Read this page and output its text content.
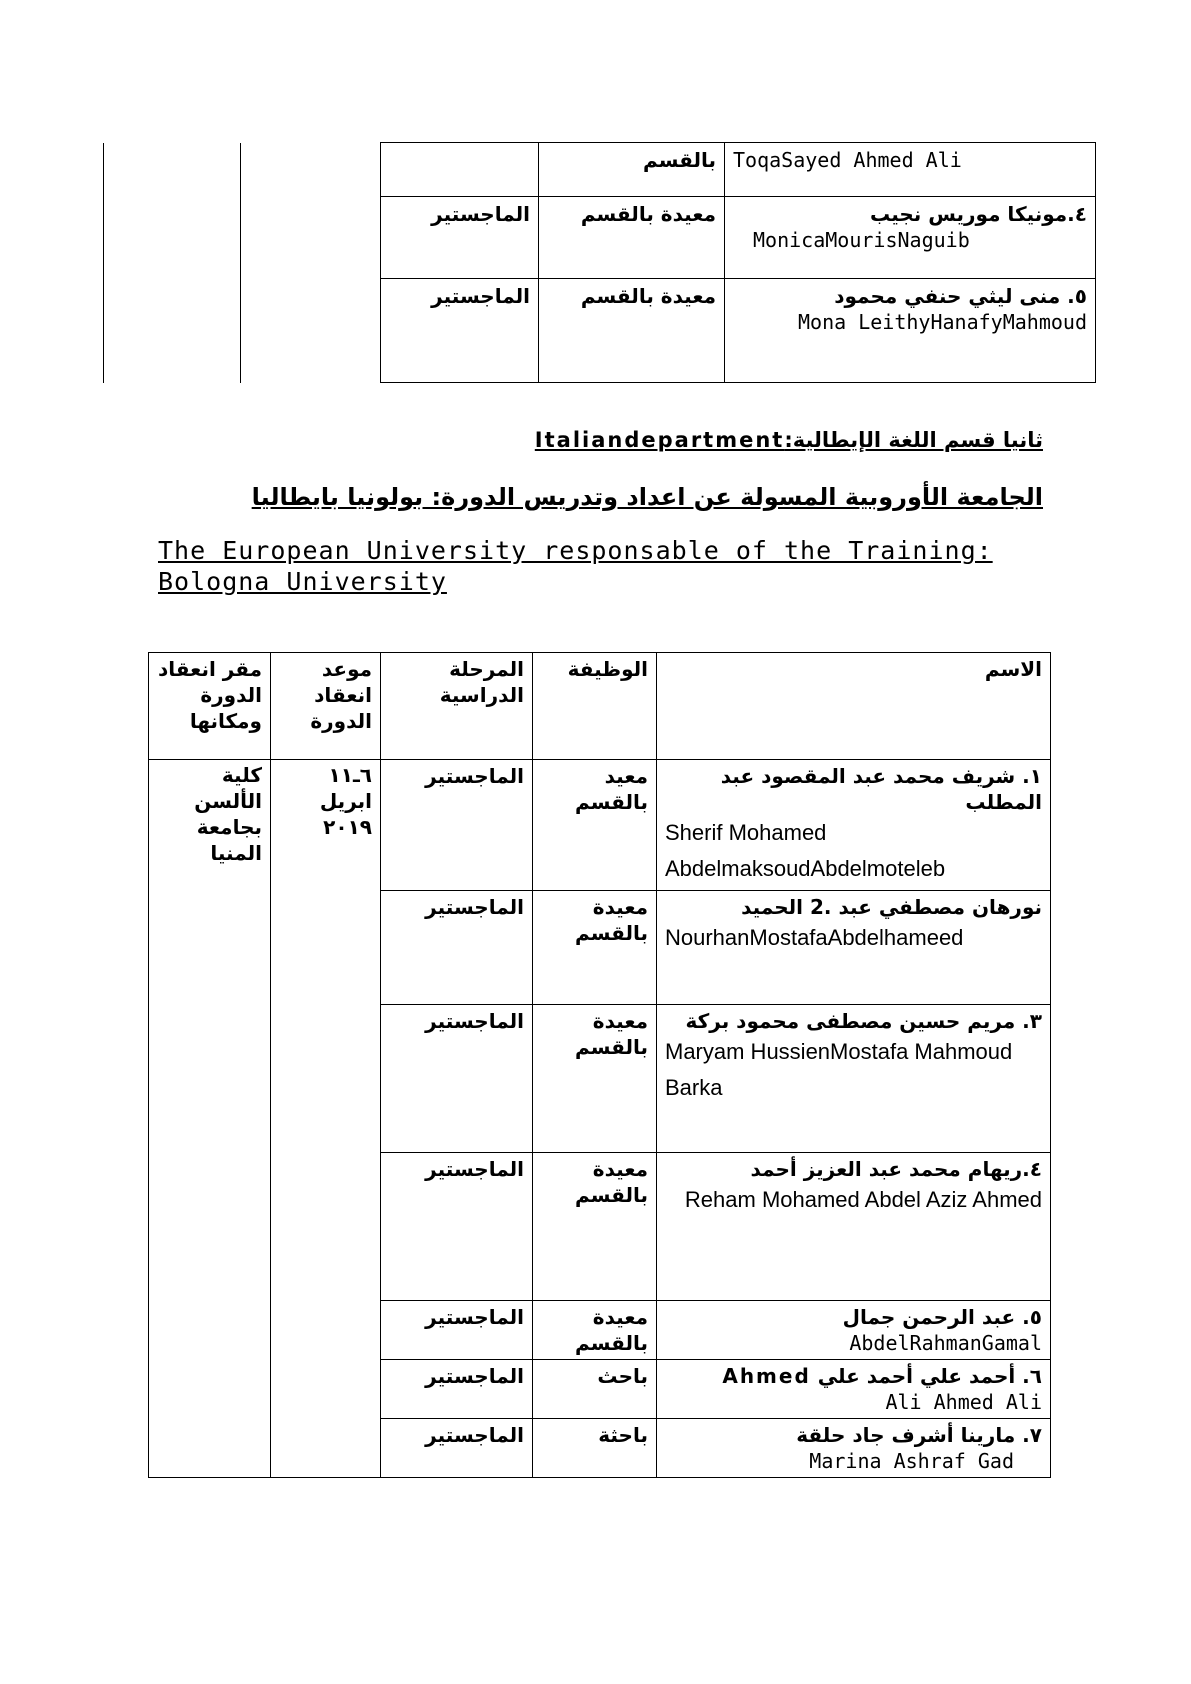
			بالقسم	ToqaSayed Ahmed Ali

		الماجستير	معيدة بالقسم	٤.مونيكا موريس نجيب
MonicaMourisNaguib

		الماجستير	معيدة بالقسم	٥. منى ليثي حنفي محمود
Mona LeithyHanafyMahmoud
ثانيا قسم اللغة الإيطالية:Italiandepartment
الجامعة الأوروبية المسولة عن اعداد وتدريس الدورة: بولونيا بايطاليا
The European University responsable of the Training: Bologna University
مقر انعقاد الدورة ومكانها	موعد انعقاد الدورة	المرحلة الدراسية	الوظيفة	الاسم
كلية الألسن بجامعة المنيا	٦ـ١١ ابريل ٢٠١٩	الماجستير	معيد بالقسم	١. شريف محمد عبد المقصود عبد المطلب
Sherif Mohamed AbdelmaksoudAbdelmoteleb

		الماجستير	معيدة بالقسم	نورهان مصطفي عبد .2 الحميد
NourhanMostafaAbdelhameed

		الماجستير	معيدة بالقسم	٣. مريم حسين مصطفى محمود بركة
Maryam HussienMostafa Mahmoud Barka

		الماجستير	معيدة بالقسم	٤.ريهام محمد عبد العزيز أحمد
Reham Mohamed Abdel Aziz Ahmed

		الماجستير	معيدة بالقسم	٥. عبد الرحمن جمال
AbdelRahmanGamal

		الماجستير	باحث	٦. أحمد علي أحمد علي Ahmed
Ali Ahmed Ali

		الماجستير	باحثة	٧. مارينا أشرف جاد حلقة
Marina Ashraf Gad
